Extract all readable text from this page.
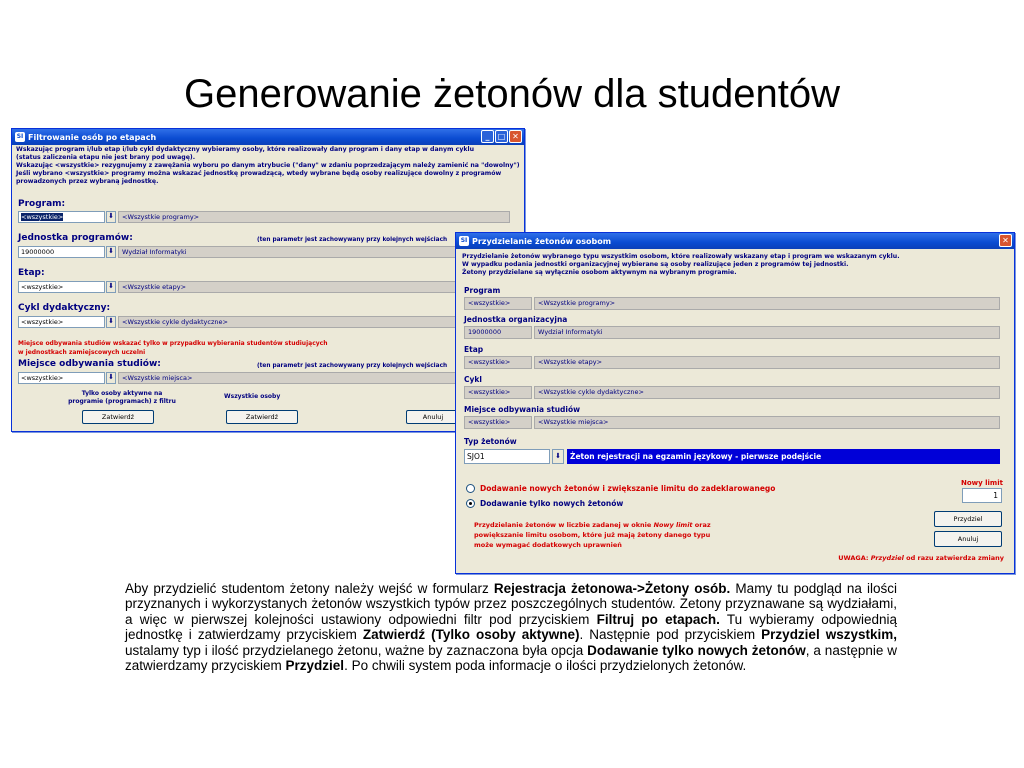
Generowanie żetonów dla studentów
SI Filtrowanie osób po etapach	_	□ ✕
Wskazując program i/lub etap i/lub cykl dydaktyczny wybieramy osoby, które realizowały dany program i dany etap w danym cyklu
(status zaliczenia etapu nie jest brany pod uwagę).
Wskazując <wszystkie> rezygnujemy z zawężania wyboru po danym atrybucie ("dany" w zdaniu poprzedzającym należy zamienić na "dowolny")
Jeśli wybrano <wszystkie> programy można wskazać jednostkę prowadzącą, wtedy wybrane będą osoby realizujące dowolny z programów
prowadzonych przez wybraną jednostkę.
Program:
<wszystkie>	⬇	<Wszystkie programy>
Jednostka programów:	(ten parametr jest zachowywany przy kolejnych wejściach
19000000	⬇	Wydział Informatyki
Etap:
<wszystkie>	⬇	<Wszystkie etapy>
Cykl dydaktyczny:
<wszystkie>	⬇	<Wszystkie cykle dydaktyczne>
Miejsce odbywania studiów wskazać tylko w przypadku wybierania studentów studiujących
w jednostkach zamiejscowych uczelni
Miejsce odbywania studiów:	(ten parametr jest zachowywany przy kolejnych wejściach
<wszystkie>	⬇	<Wszystkie miejsca>
Tylko osoby aktywne na
programie (programach) z filtru
Wszystkie osoby
Zatwierdź	Zatwierdź	Anuluj
SI Przydzielanie żetonów osobom	✕
Przydzielanie żetonów wybranego typu wszystkim osobom, które realizowały wskazany etap i program we wskazanym cyklu.
W wypadku podania jednostki organizacyjnej wybierane są osoby realizujące jeden z programów tej jednostki.
Żetony przydzielane są wyłącznie osobom aktywnym na wybranym programie.
Program
<wszystkie>	<Wszystkie programy>
Jednostka organizacyjna
19000000	Wydział Informatyki
Etap
<wszystkie>	<Wszystkie etapy>
Cykl
<wszystkie>	<Wszystkie cykle dydaktyczne>
Miejsce odbywania studiów
<wszystkie>	<Wszystkie miejsca>
Typ żetonów
SJO1	⬇	Żeton rejestracji na egzamin językowy - pierwsze podejście
Dodawanie nowych żetonów i zwiększanie limitu do zadeklarowanego
Dodawanie tylko nowych żetonów
Nowy limit
1
Przydzielanie żetonów w liczbie zadanej w oknie Nowy limit oraz
powiększanie limitu osobom, które już mają żetony danego typu
może wymagać dodatkowych uprawnień
Przydziel
Anuluj
UWAGA: Przydziel od razu zatwierdza zmiany
Aby przydzielić studentom żetony należy wejść w formularz Rejestracja żetonowa->Żetony osób. Mamy tu podgląd na ilości przyznanych i wykorzystanych żetonów wszystkich typów przez poszczególnych studentów. Żetony przyznawane są wydziałami, a więc w pierwszej kolejności ustawiony odpowiedni filtr pod przyciskiem Filtruj po etapach. Tu wybieramy odpowiednią jednostkę i zatwierdzamy przyciskiem Zatwierdź (Tylko osoby aktywne). Następnie pod przyciskiem Przydziel wszystkim, ustalamy typ i ilość przydzielanego żetonu, ważne by zaznaczona była opcja Dodawanie tylko nowych żetonów, a następnie w zatwierdzamy przyciskiem Przydziel. Po chwili system poda informacje o ilości przydzielonych żetonów.
